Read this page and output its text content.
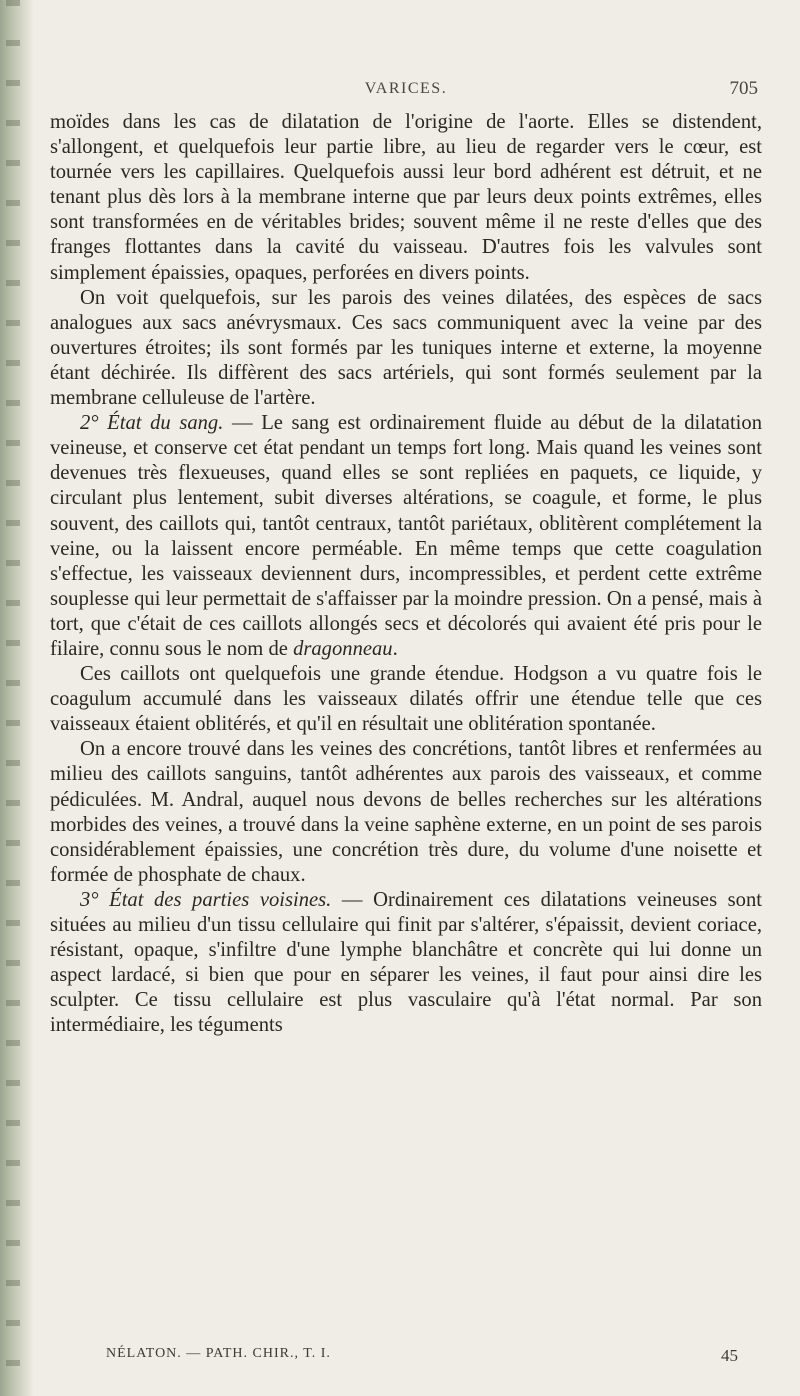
VARICES.	705

moïdes dans les cas de dilatation de l'origine de l'aorte. Elles se distendent, s'allongent, et quelquefois leur partie libre, au lieu de regarder vers le cœur, est tournée vers les capillaires. Quelquefois aussi leur bord adhérent est détruit, et ne tenant plus dès lors à la membrane interne que par leurs deux points extrêmes, elles sont transformées en de véritables brides; souvent même il ne reste d'elles que des franges flottantes dans la cavité du vaisseau. D'autres fois les valvules sont simplement épaissies, opaques, perforées en divers points.

On voit quelquefois, sur les parois des veines dilatées, des espèces de sacs analogues aux sacs anévrysmaux. Ces sacs communiquent avec la veine par des ouvertures étroites; ils sont formés par les tuniques interne et externe, la moyenne étant déchirée. Ils diffèrent des sacs artériels, qui sont formés seulement par la membrane celluleuse de l'artère.

2° État du sang. — Le sang est ordinairement fluide au début de la dilatation veineuse, et conserve cet état pendant un temps fort long. Mais quand les veines sont devenues très flexueuses, quand elles se sont repliées en paquets, ce liquide, y circulant plus lentement, subit diverses altérations, se coagule, et forme, le plus souvent, des caillots qui, tantôt centraux, tantôt pariétaux, oblitèrent complétement la veine, ou la laissent encore perméable. En même temps que cette coagulation s'effectue, les vaisseaux deviennent durs, incompressibles, et perdent cette extrême souplesse qui leur permettait de s'affaisser par la moindre pression. On a pensé, mais à tort, que c'était de ces caillots allongés secs et décolorés qui avaient été pris pour le filaire, connu sous le nom de dragonneau.

Ces caillots ont quelquefois une grande étendue. Hodgson a vu quatre fois le coagulum accumulé dans les vaisseaux dilatés offrir une étendue telle que ces vaisseaux étaient oblitérés, et qu'il en résultait une oblitération spontanée.

On a encore trouvé dans les veines des concrétions, tantôt libres et renfermées au milieu des caillots sanguins, tantôt adhérentes aux parois des vaisseaux, et comme pédiculées. M. Andral, auquel nous devons de belles recherches sur les altérations morbides des veines, a trouvé dans la veine saphène externe, en un point de ses parois considérablement épaissies, une concrétion très dure, du volume d'une noisette et formée de phosphate de chaux.

3° État des parties voisines. — Ordinairement ces dilatations veineuses sont situées au milieu d'un tissu cellulaire qui finit par s'altérer, s'épaissit, devient coriace, résistant, opaque, s'infiltre d'une lymphe blanchâtre et concrète qui lui donne un aspect lardacé, si bien que pour en séparer les veines, il faut pour ainsi dire les sculpter. Ce tissu cellulaire est plus vasculaire qu'à l'état normal. Par son intermédiaire, les téguments

NÉLATON. — PATH. CHIR., T. I.	45
